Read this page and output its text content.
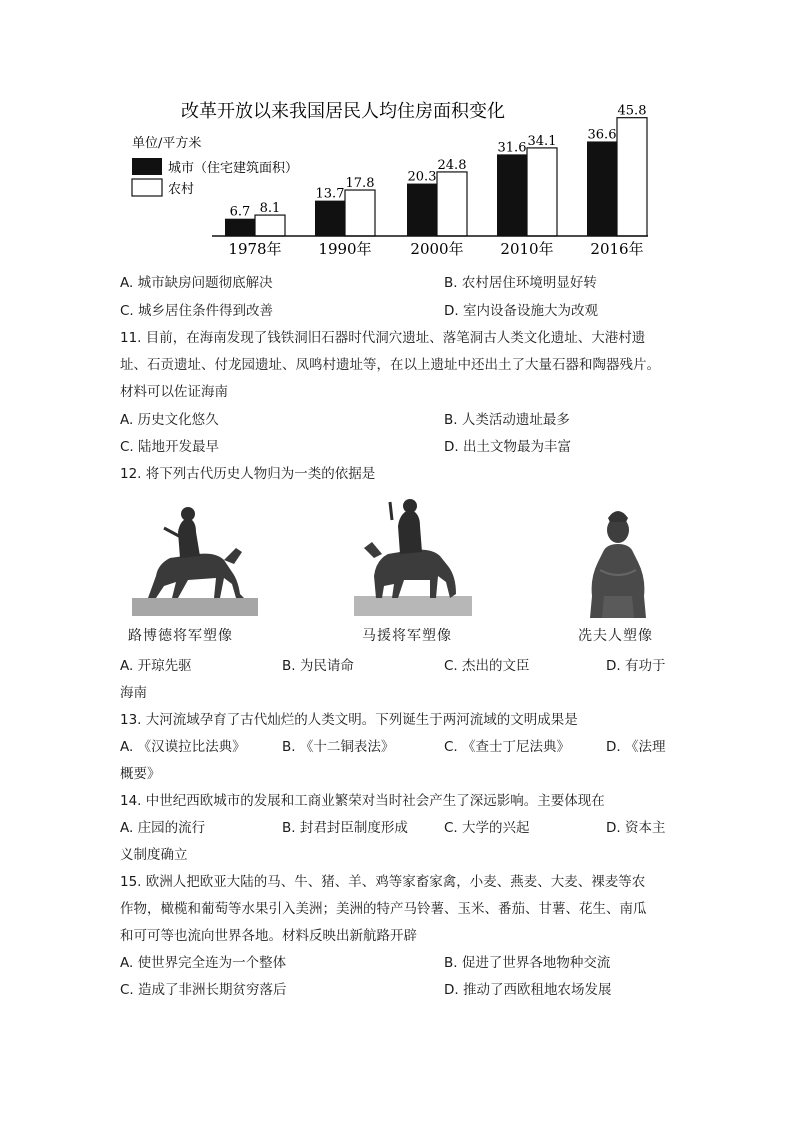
改革开放以来我国居民人均住房面积变化
单位/平方米
城市（住宅建筑面积）
农村
6.7 8.1
1978年
13.7
17.8
1990年
20.3
24.8
2000年
31.6 34.1
2010年
36.6
45.8
2016年
A. 城市缺房问题彻底解决	B. 农村居住环境明显好转
C. 城乡居住条件得到改善	D. 室内设备设施大为改观
11. 目前，在海南发现了钱铁洞旧石器时代洞穴遗址、落笔洞古人类文化遗址、大港村遗
址、石贡遗址、付龙园遗址、凤鸣村遗址等，在以上遗址中还出土了大量石器和陶器残片。
材料可以佐证海南
A. 历史文化悠久	B. 人类活动遗址最多
C. 陆地开发最早	D. 出土文物最为丰富
12. 将下列古代历史人物归为一类的依据是
路博德将军塑像	马援将军塑像	冼夫人塑像
A. 开琼先驱	B. 为民请命	C. 杰出的文臣	D. 有功于
海南
13. 大河流域孕育了古代灿烂的人类文明。下列诞生于两河流域的文明成果是
A. 《汉谟拉比法典》	B. 《十二铜表法》	C. 《查士丁尼法典》	D. 《法理
概要》
14. 中世纪西欧城市的发展和工商业繁荣对当时社会产生了深远影响。主要体现在
A. 庄园的流行	B. 封君封臣制度形成	C. 大学的兴起	D. 资本主
义制度确立
15. 欧洲人把欧亚大陆的马、牛、猪、羊、鸡等家畜家禽，小麦、燕麦、大麦、裸麦等农
作物，橄榄和葡萄等水果引入美洲；美洲的特产马铃薯、玉米、番茄、甘薯、花生、南瓜
和可可等也流向世界各地。材料反映出新航路开辟
A. 使世界完全连为一个整体	B. 促进了世界各地物种交流
C. 造成了非洲长期贫穷落后	D. 推动了西欧租地农场发展
